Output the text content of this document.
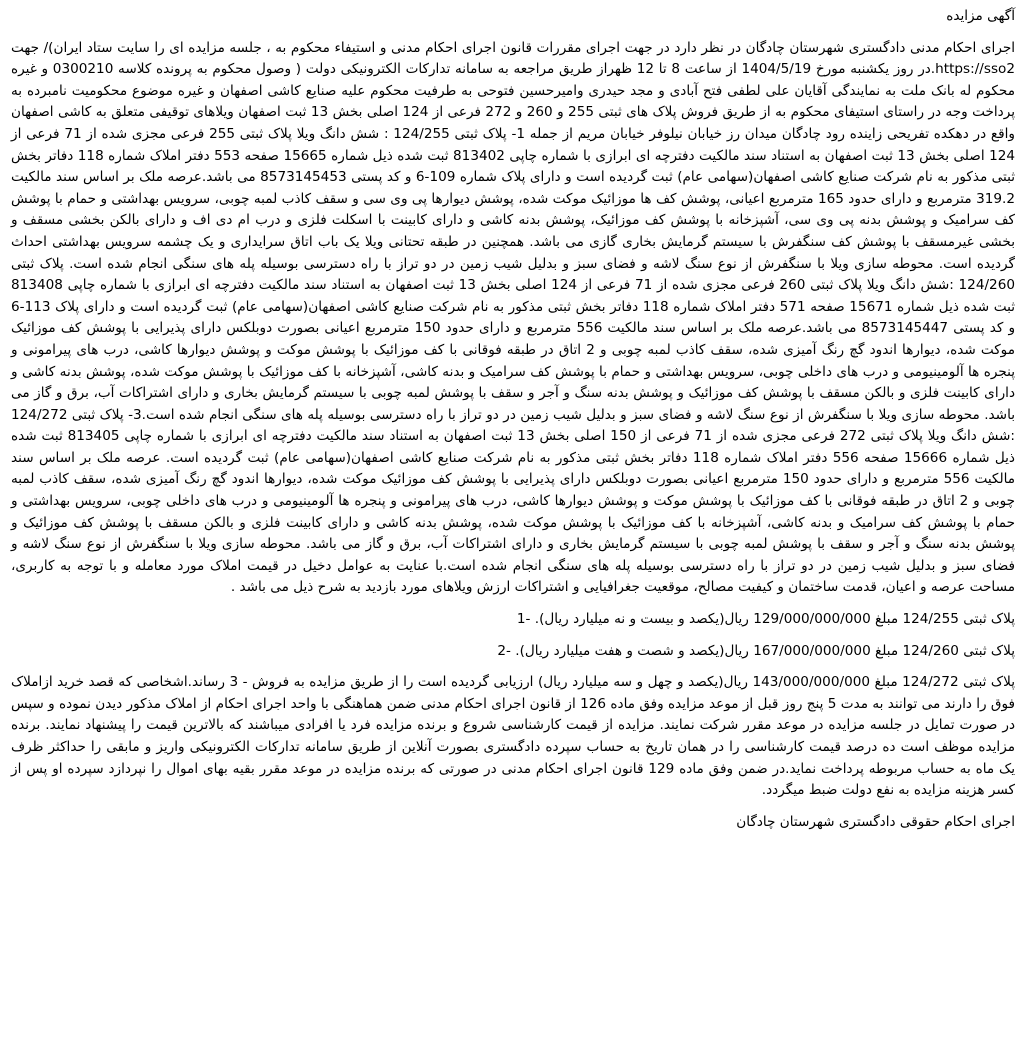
آگهی مزایده

اجرای احکام مدنی دادگستری شهرستان چادگان در نظر دارد در جهت اجرای مقررات قانون اجرای احکام مدنی و استیفاء محکوم به ، جلسه مزایده ای را سایت ستاد ایران)/ جهت https://sso2.در روز یکشنبه مورخ 1404/5/19 از ساعت 8 تا 12 ظهراز طریق مراجعه به سامانه تدارکات الکترونیکی دولت ( وصول محکوم به پرونده کلاسه 0300210 و غیره محکوم له بانک ملت به نمایندگی آقایان علی لطفی فتح آبادی و مجد حیدری وامیرحسین فتوحی به طرفیت محکوم علیه صنایع کاشی اصفهان و غیره موضوع محکومیت نامبرده به پرداخت وجه در راستای استیفای محکوم به از طریق فروش پلاک های ثبتی 255 و 260 و 272 فرعی از 124 اصلی بخش 13 ثبت اصفهان ویلاهای توقیفی متعلق به کاشی اصفهان واقع در دهکده تفریحی زاینده رود چادگان میدان رز خیابان نیلوفر خیابان مریم از جمله 1- پلاک ثبتی 124/255 : شش دانگ ویلا پلاک ثبتی 255 فرعی مجزی شده از 71 فرعی از 124 اصلی بخش 13 ثبت اصفهان به استناد سند مالکیت دفترچه ای ابرازی با شماره چاپی 813402 ثبت شده ذیل شماره 15665 صفحه 553 دفتر املاک شماره 118 دفاتر بخش ثبتی مذکور به نام شرکت صنایع کاشی اصفهان(سهامی عام) ثبت گردیده است و دارای پلاک شماره 109-6 و کد پستی 8573145453 می باشد.عرصه ملک بر اساس سند مالکیت 319.2 مترمربع و دارای حدود 165 مترمربع اعیانی، پوشش کف ها موزائیک موکت شده، پوشش دیوارها پی وی سی و سقف کاذب لمبه چوبی، سرویس بهداشتی و حمام با پوشش کف سرامیک و پوشش بدنه پی وی سی، آشپزخانه با پوشش کف موزائیک، پوشش بدنه کاشی و دارای کابینت با اسکلت فلزی و درب ام دی اف و دارای بالکن بخشی مسقف و بخشی غیرمسقف با پوشش کف سنگفرش با سیستم گرمایش بخاری گازی می باشد. همچنین در طبقه تحتانی ویلا یک باب اتاق سرایداری و یک چشمه سرویس بهداشتی احداث گردیده است. محوطه سازی ویلا با سنگفرش از نوع سنگ لاشه و فضای سبز و بدلیل شیب زمین در دو تراز با راه دسترسی بوسیله پله های سنگی انجام شده است. پلاک ثبتی 124/260 :شش دانگ ویلا پلاک ثبتی 260 فرعی مجزی شده از 71 فرعی از 124 اصلی بخش 13 ثبت اصفهان به استناد سند مالکیت دفترچه ای ابرازی با شماره چاپی 813408 ثبت شده ذیل شماره 15671 صفحه 571 دفتر املاک شماره 118 دفاتر بخش ثبتی مذکور به نام شرکت صنایع کاشی اصفهان(سهامی عام) ثبت گردیده است و دارای پلاک 113-6 و کد پستی 8573145447 می باشد.عرصه ملک بر اساس سند مالکیت 556 مترمربع و دارای حدود 150 مترمربع اعیانی بصورت دوبلکس دارای پذیرایی با پوشش کف موزائیک موکت شده، دیوارها اندود گچ رنگ آمیزی شده، سقف کاذب لمبه چوبی و 2 اتاق در طبقه فوقانی با کف موزائیک با پوشش موکت و پوشش دیوارها کاشی، درب های پیرامونی و پنجره ها آلومینیومی و درب های داخلی چوبی، سرویس بهداشتی و حمام با پوشش کف سرامیک و بدنه کاشی، آشپزخانه با کف موزائیک با پوشش موکت شده، پوشش بدنه کاشی و دارای کابینت فلزی و بالکن مسقف با پوشش کف موزائیک و پوشش بدنه سنگ و آجر و سقف با پوشش لمبه چوبی با سیستم گرمایش بخاری و دارای اشتراکات آب، برق و گاز می باشد. محوطه سازی ویلا با سنگفرش از نوع سنگ لاشه و فضای سبز و بدلیل شیب زمین در دو تراز با راه دسترسی بوسیله پله های سنگی انجام شده است.3- پلاک ثبتی 124/272 :شش دانگ ویلا پلاک ثبتی 272 فرعی مجزی شده از 71 فرعی از 150 اصلی بخش 13 ثبت اصفهان به استناد سند مالکیت دفترچه ای ابرازی با شماره چاپی 813405 ثبت شده ذیل شماره 15666 صفحه 556 دفتر املاک شماره 118 دفاتر بخش ثبتی مذکور به نام شرکت صنایع کاشی اصفهان(سهامی عام) ثبت گردیده است. عرصه ملک بر اساس سند مالکیت 556 مترمربع و دارای حدود 150 مترمربع اعیانی بصورت دوبلکس دارای پذیرایی با پوشش کف موزائیک موکت شده، دیوارها اندود گچ رنگ آمیزی شده، سقف کاذب لمبه چوبی و 2 اتاق در طبقه فوقانی با کف موزائیک با پوشش موکت و پوشش دیوارها کاشی، درب های پیرامونی و پنجره ها آلومینیومی و درب های داخلی چوبی، سرویس بهداشتی و حمام با پوشش کف سرامیک و بدنه کاشی، آشپزخانه با کف موزائیک با پوشش موکت شده، پوشش بدنه کاشی و دارای کابینت فلزی و بالکن مسقف با پوشش کف موزائیک و پوشش بدنه سنگ و آجر و سقف با پوشش لمبه چوبی با سیستم گرمایش بخاری و دارای اشتراکات آب، برق و گاز می باشد. محوطه سازی ویلا با سنگفرش از نوع سنگ لاشه و فضای سبز و بدلیل شیب زمین در دو تراز با راه دسترسی بوسیله پله های سنگی انجام شده است.با عنایت به عوامل دخیل در قیمت املاک مورد معامله و با توجه به کاربری، مساحت عرصه و اعیان، قدمت ساختمان و کیفیت مصالح، موقعیت جغرافیایی و اشتراکات ارزش ویلاهای مورد بازدید به شرح ذیل می باشد .

پلاک ثبتی 124/255 مبلغ 129/000/000/000 ریال(یکصد و بیست و نه میلیارد ریال). -1

پلاک ثبتی 124/260 مبلغ 167/000/000/000 ریال(یکصد و شصت و هفت میلیارد ریال). -2

پلاک ثبتی 124/272 مبلغ 143/000/000/000 ریال(یکصد و چهل و سه میلیارد ریال) ارزیابی گردیده است را از طریق مزایده به فروش - 3 رساند.اشخاصی که قصد خرید ازاملاک فوق را دارند می توانند به مدت 5 پنج روز قبل از موعد مزایده وفق ماده 126 از قانون اجرای احکام مدنی ضمن هماهنگی با واحد اجرای احکام از املاک مذکور دیدن نموده و سپس در صورت تمایل در جلسه مزایده در موعد مقرر شرکت نمایند. مزایده از قیمت کارشناسی شروع و برنده مزایده فرد یا افرادی میباشند که بالاترین قیمت را پیشنهاد نمایند. برنده مزایده موظف است ده درصد قیمت کارشناسی را در همان تاریخ به حساب سپرده دادگستری بصورت آنلاین از طریق سامانه تدارکات الکترونیکی واریز و مابقی را حداکثر ظرف یک ماه به حساب مربوطه پرداخت نماید.در ضمن وفق ماده 129 قانون اجرای احکام مدنی در صورتی که برنده مزایده در موعد مقرر بقیه بهای اموال را نپردازد سپرده او پس از کسر هزینه مزایده به نفع دولت ضبط میگردد.

اجرای احکام حقوقی دادگستری شهرستان چادگان
